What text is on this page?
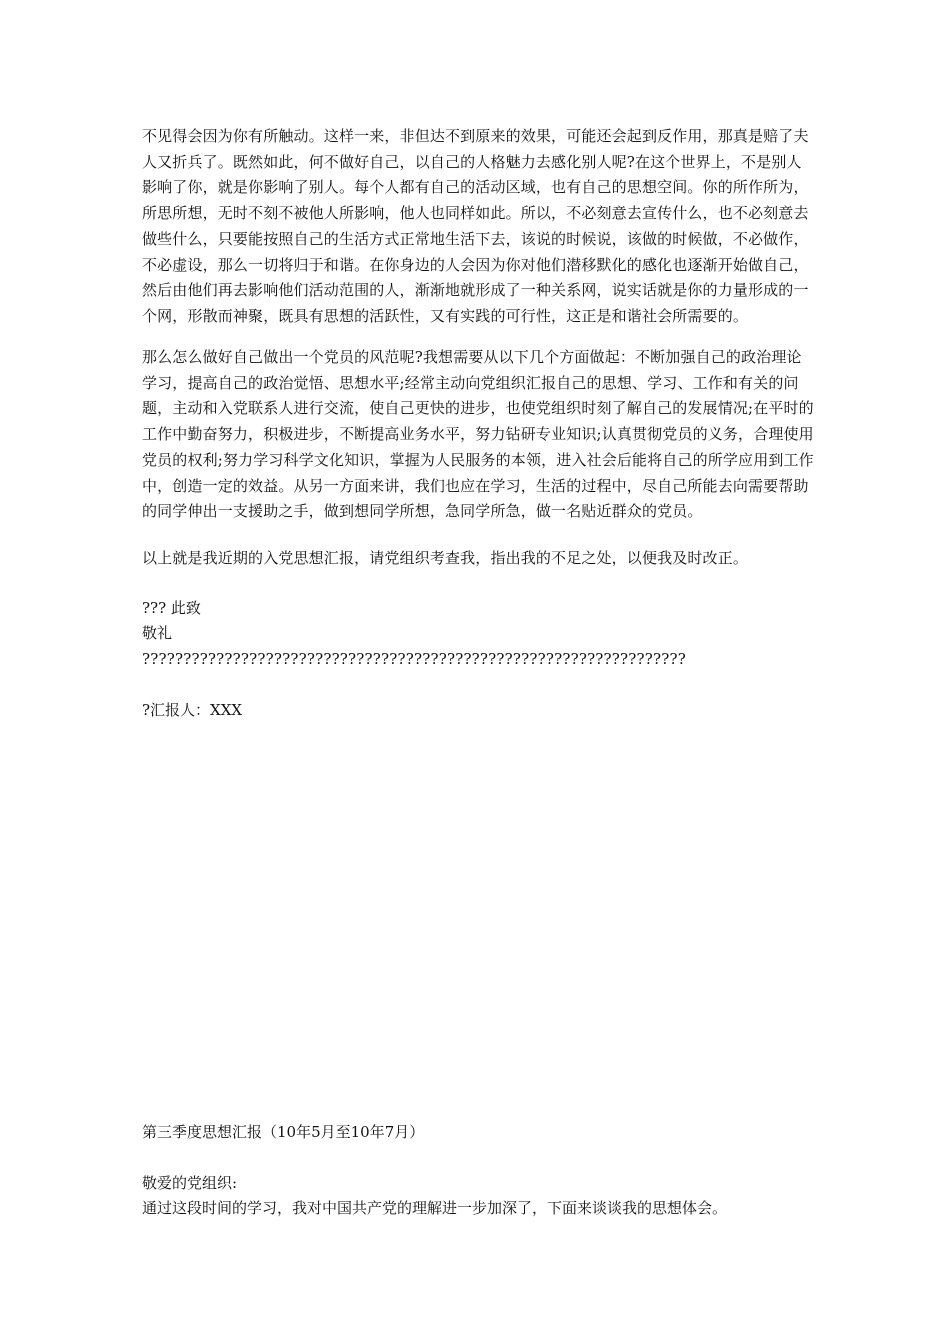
不见得会因为你有所触动。这样一来，非但达不到原来的效果，可能还会起到反作用，那真是赔了夫人又折兵了。既然如此，何不做好自己，以自己的人格魅力去感化别人呢?在这个世界上，不是别人影响了你，就是你影响了别人。每个人都有自己的活动区域，也有自己的思想空间。你的所作所为，所思所想，无时不刻不被他人所影响，他人也同样如此。所以，不必刻意去宣传什么，也不必刻意去做些什么，只要能按照自己的生活方式正常地生活下去，该说的时候说，该做的时候做，不必做作，不必虚设，那么一切将归于和谐。在你身边的人会因为你对他们潜移默化的感化也逐渐开始做自己，然后由他们再去影响他们活动范围的人，渐渐地就形成了一种关系网，说实话就是你的力量形成的一个网，形散而神聚，既具有思想的活跃性，又有实践的可行性，这正是和谐社会所需要的。

那么怎么做好自己做出一个党员的风范呢?我想需要从以下几个方面做起：不断加强自己的政治理论学习，提高自己的政治觉悟、思想水平;经常主动向党组织汇报自己的思想、学习、工作和有关的问题，主动和入党联系人进行交流，使自己更快的进步，也使党组织时刻了解自己的发展情况;在平时的工作中勤奋努力，积极进步，不断提高业务水平，努力钻研专业知识;认真贯彻党员的义务，合理使用党员的权利;努力学习科学文化知识，掌握为人民服务的本领，进入社会后能将自己的所学应用到工作中，创造一定的效益。从另一方面来讲，我们也应在学习，生活的过程中，尽自己所能去向需要帮助的同学伸出一支援助之手，做到想同学所想，急同学所急，做一名贴近群众的党员。

以上就是我近期的入党思想汇报，请党组织考查我，指出我的不足之处，以便我及时改正。

??? 此致

敬礼

??????????????????????????????????????????????????????????????????

?汇报人：XXX

第三季度思想汇报（10年5月至10年7月）

敬爱的党组织:

通过这段时间的学习，我对中国共产党的理解进一步加深了，下面来谈谈我的思想体会。
